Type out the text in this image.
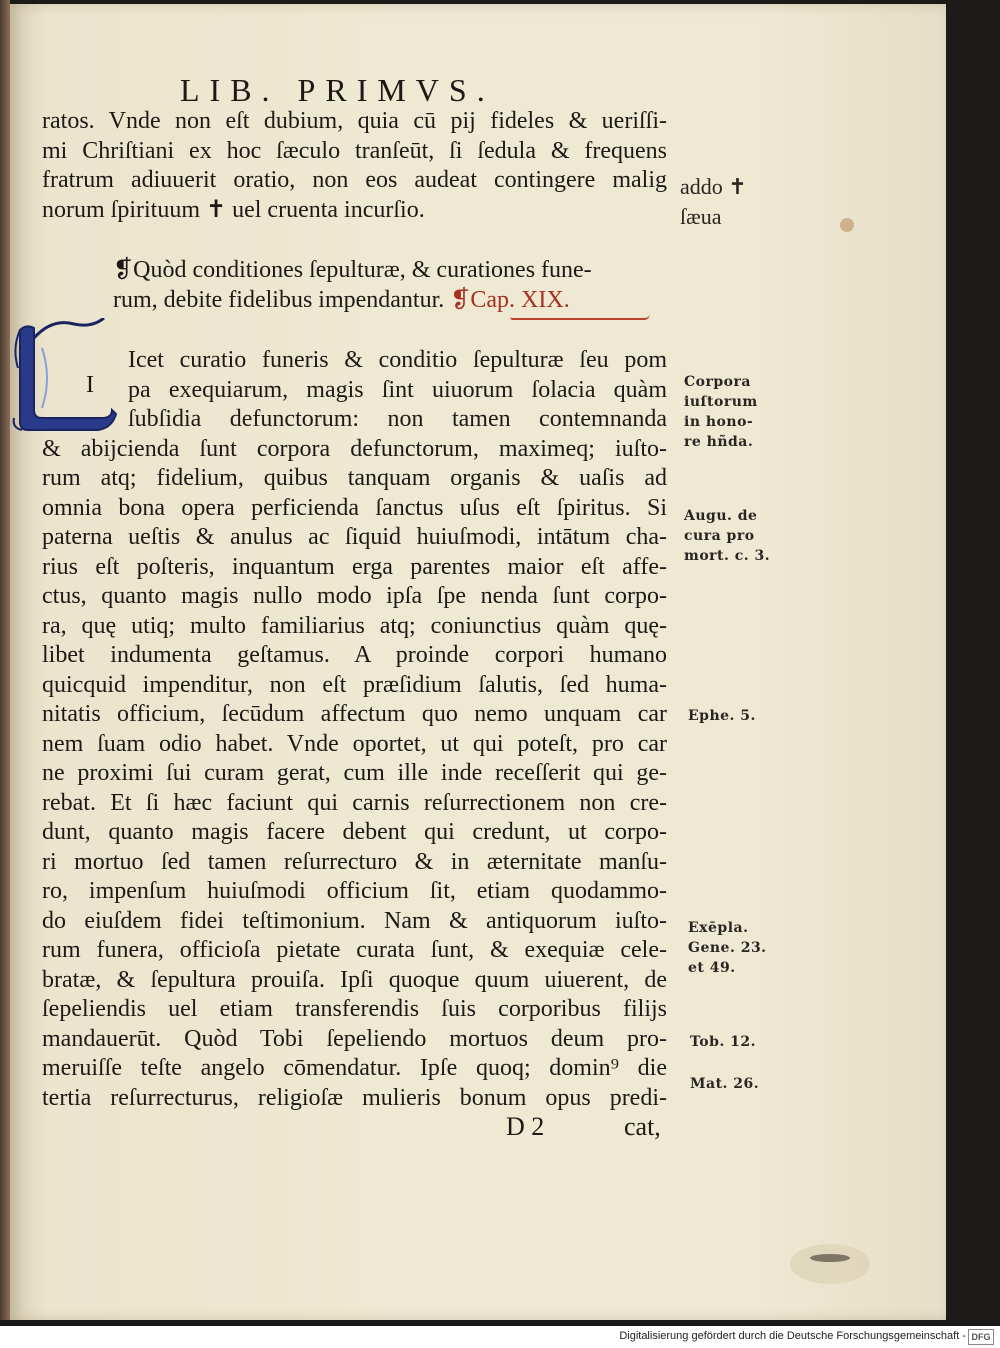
LIB. PRIMVS.
ratos. Vnde non eſt dubium, quia cū pij fideles & ueriſſi-
mi Chriſtiani ex hoc ſæculo tranſeūt, ſi ſedula & frequens
fratrum adiuuerit oratio, non eos audeat contingere malig
norum ſpirituum ✝ uel cruenta incurſio.
❡Quòd conditiones ſepulturæ, & curationes fune-
rum, debite fidelibus impendantur. ❡Cap. XIX.
I
Icet curatio funeris & conditio ſepulturæ ſeu pom
pa exequiarum, magis ſint uiuorum ſolacia quàm
ſubſidia defunctorum: non tamen contemnanda
& abijcienda ſunt corpora defunctorum, maximeq; iuſto-
rum atq; fidelium, quibus tanquam organis & uaſis ad
omnia bona opera perficienda ſanctus uſus eſt ſpiritus. Si
paterna ueſtis & anulus ac ſiquid huiuſmodi, intātum cha-
rius eſt poſteris, inquantum erga parentes maior eſt affe-
ctus, quanto magis nullo modo ipſa ſpe nenda ſunt corpo-
ra, quę utiq; multo familiarius atq; coniunctius quàm quę-
libet indumenta geſtamus. A proinde corpori humano
quicquid impenditur, non eſt præſidium ſalutis, ſed huma-
nitatis officium, ſecūdum affectum quo nemo unquam car
nem ſuam odio habet. Vnde oportet, ut qui poteſt, pro car
ne proximi ſui curam gerat, cum ille inde receſſerit qui ge-
rebat. Et ſi hæc faciunt qui carnis reſurrectionem non cre-
dunt, quanto magis facere debent qui credunt, ut corpo-
ri mortuo ſed tamen reſurrecturo & in æternitate manſu-
ro, impenſum huiuſmodi officium ſit, etiam quodammo-
do eiuſdem fidei teſtimonium. Nam & antiquorum iuſto-
rum funera, officioſa pietate curata ſunt, & exequiæ cele-
bratæ, & ſepultura prouiſa. Ipſi quoque quum uiuerent, de
ſepeliendis uel etiam transferendis ſuis corporibus filijs
mandauerūt. Quòd Tobi ſepeliendo mortuos deum pro-
meruiſſe teſte angelo cōmendatur. Ipſe quoq; domin⁹ die
tertia reſurrecturus, religioſæ mulieris bonum opus predi-
D 2	cat,
addo ✝
ſæua
Corpora
iuſtorum
in hono-
re hñda.
Augu. de
cura pro
mort. c. 3.
Ephe. 5.
Exēpla.
Gene. 23.
et 49.
Tob. 12.
Mat. 26.
Digitalisierung gefördert durch die Deutsche Forschungsgemeinschaft - DFG
